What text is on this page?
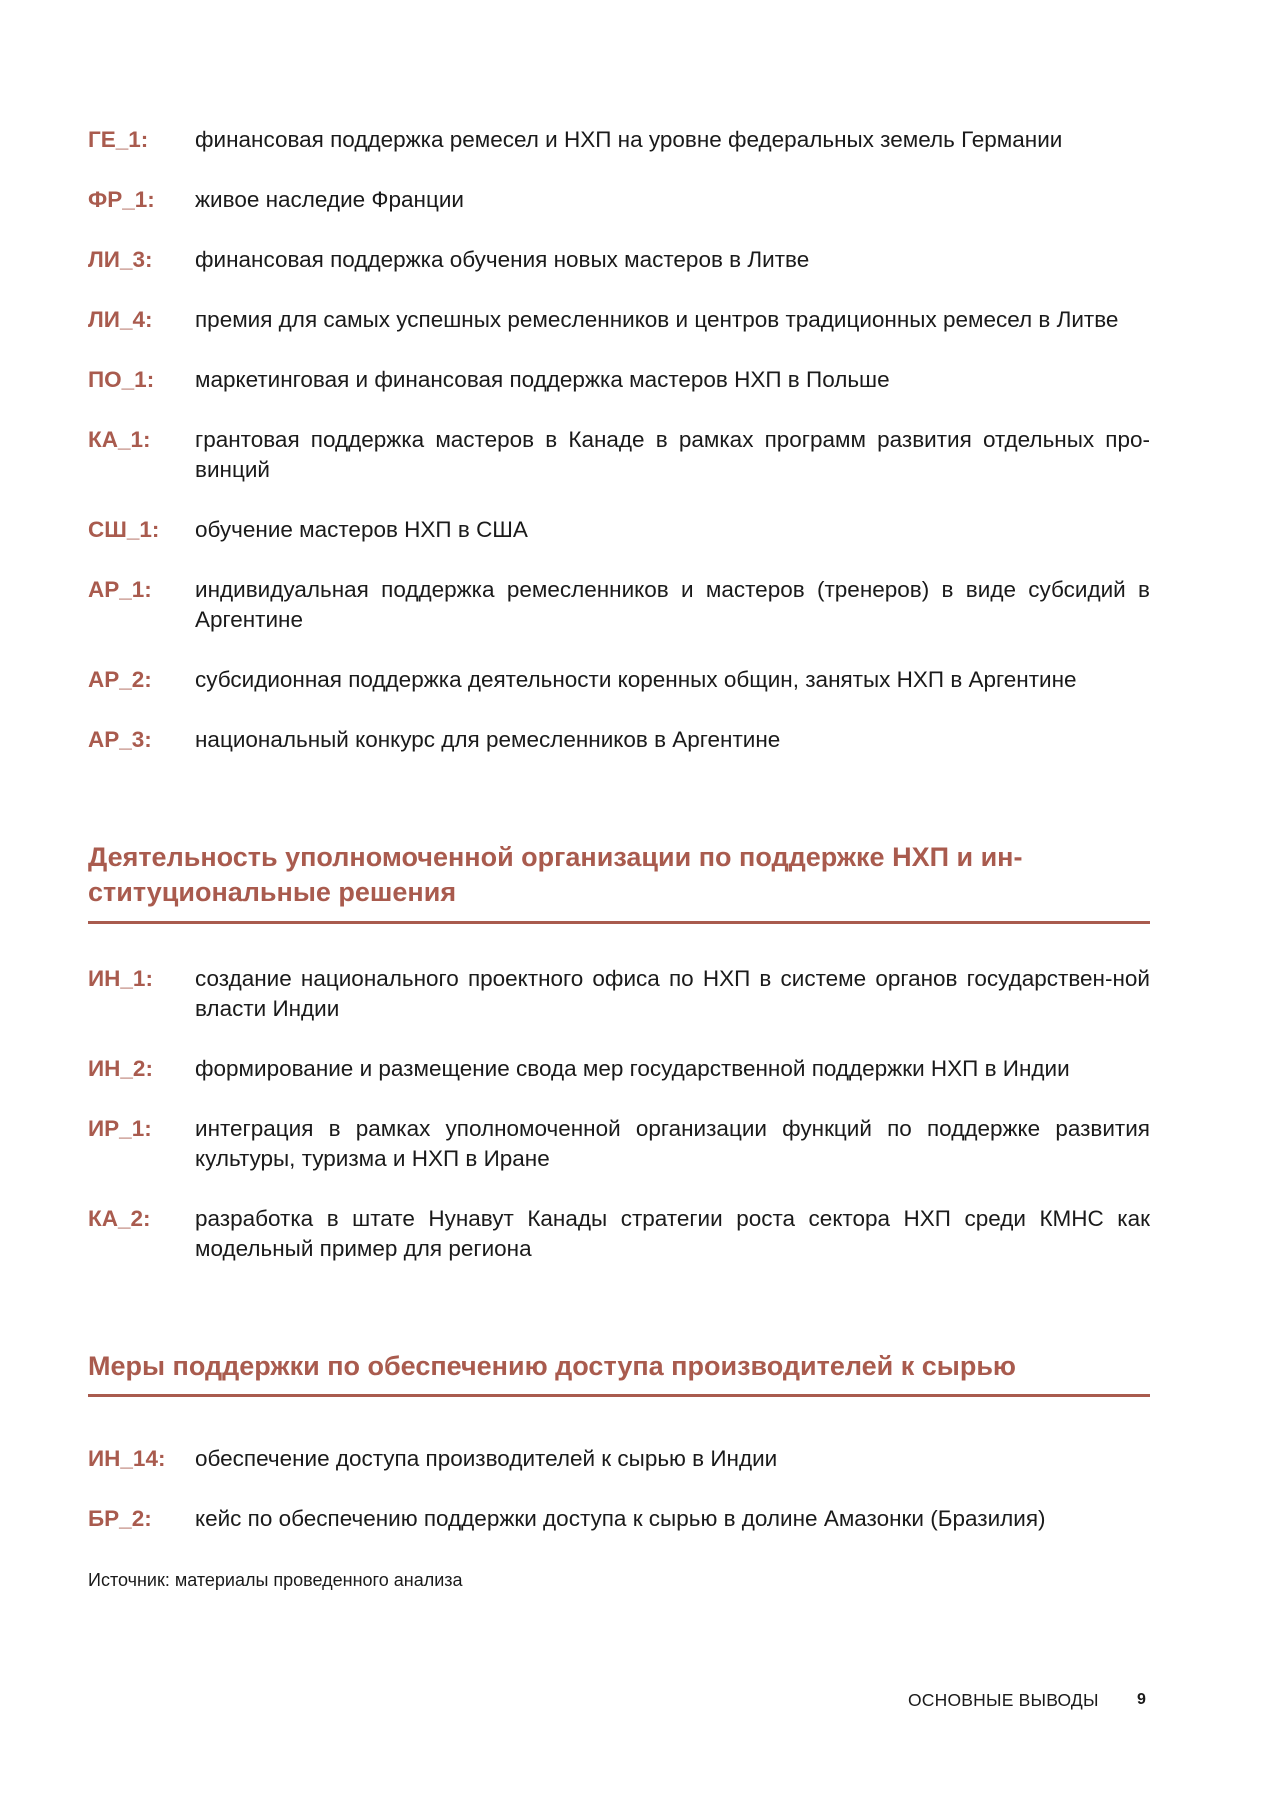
ГЕ_1:	финансовая поддержка ремесел и НХП на уровне федеральных земель Германии
ФР_1:	живое наследие Франции
ЛИ_3:	финансовая поддержка обучения новых мастеров в Литве
ЛИ_4:	премия для самых успешных ремесленников и центров традиционных ремесел в Литве
ПО_1:	маркетинговая и финансовая поддержка мастеров НХП в Польше
КА_1:	грантовая поддержка мастеров в Канаде в рамках программ развития отдельных про-винций
СШ_1:	обучение мастеров НХП в США
АР_1:	индивидуальная поддержка ремесленников и мастеров (тренеров) в виде субсидий в Аргентине
АР_2:	субсидионная поддержка деятельности коренных общин, занятых НХП в Аргентине
АР_3:	национальный конкурс для ремесленников в Аргентине
Деятельность уполномоченной организации по поддержке НХП и ин-ституциональные решения
ИН_1:	создание национального проектного офиса по НХП в системе органов государствен-ной власти Индии
ИН_2:	формирование и размещение свода мер государственной поддержки НХП в Индии
ИР_1:	интеграция в рамках уполномоченной организации функций по поддержке развития культуры, туризма и НХП в Иране
КА_2:	разработка в штате Нунавут Канады стратегии роста сектора НХП среди КМНС как модельный пример для региона
Меры поддержки по обеспечению доступа производителей к сырью
ИН_14:	обеспечение доступа производителей к сырью в Индии
БР_2:	кейс по обеспечению поддержки доступа к сырью в долине Амазонки (Бразилия)
Источник: материалы проведенного анализа
ОСНОВНЫЕ ВЫВОДЫ 9
